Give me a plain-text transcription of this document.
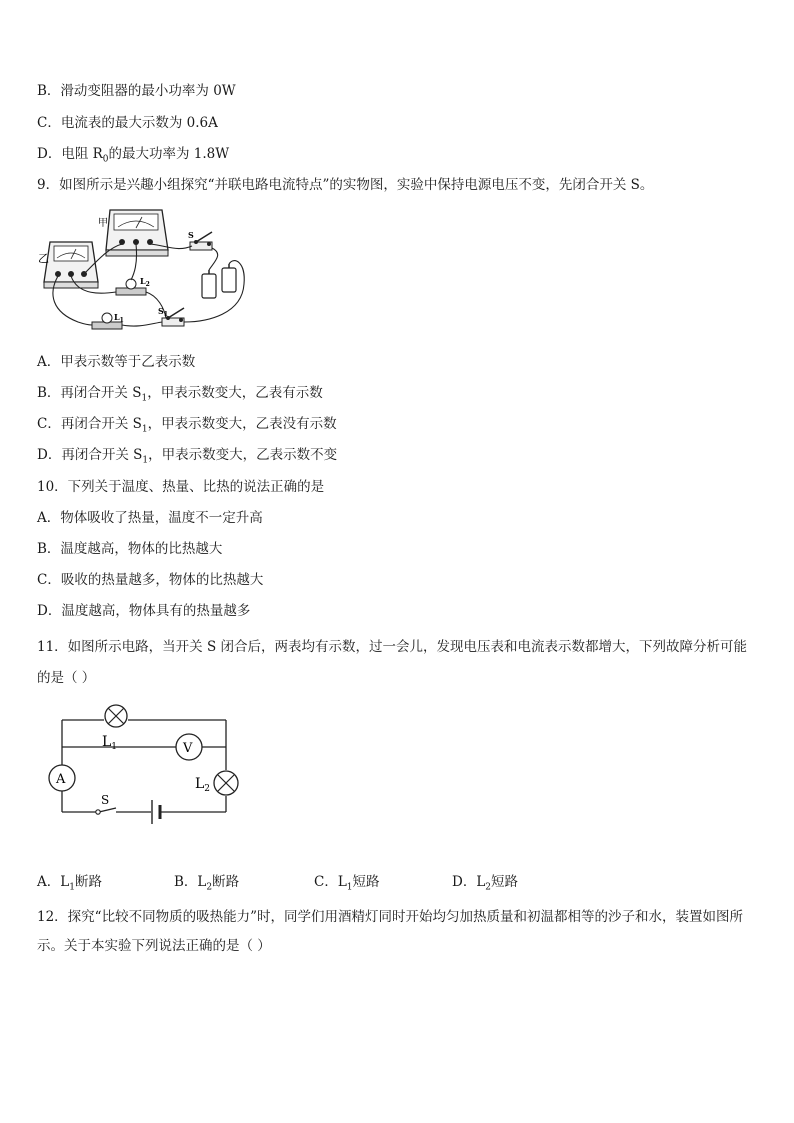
B．滑动变阻器的最小功率为 0W
C．电流表的最大示数为 0.6A
D．电阻 $R_0$的最大功率为 1.8W
9．如图所示是兴趣小组探究“并联电路电流特点”的实物图，实验中保持电源电压不变，先闭合开关 S。
甲
乙
S
$L_2$
$S_1$
$L_1$
A．甲表示数等于乙表示数
B．再闭合开关 $S_1$，甲表示数变大，乙表有示数
C．再闭合开关 $S_1$，甲表示数变大，乙表没有示数
D．再闭合开关 $S_1$，甲表示数变大，乙表示数不变
10．下列关于温度、热量、比热的说法正确的是
A．物体吸收了热量，温度不一定升高
B．温度越高，物体的比热越大
C．吸收的热量越多，物体的比热越大
D．温度越高，物体具有的热量越多
11．如图所示电路，当开关 S 闭合后，两表均有示数，过一会儿，发现电压表和电流表示数都增大，下列故障分析可能的是（ ）
V
A
$L_1$
$L_2$
S
A．$L_1$断路	B．$L_2$断路	C．$L_1$短路	D．$L_2$短路
12．探究“比较不同物质的吸热能力”时，同学们用酒精灯同时开始均匀加热质量和初温都相等的沙子和水，装置如图所示。关于本实验下列说法正确的是（ ）
